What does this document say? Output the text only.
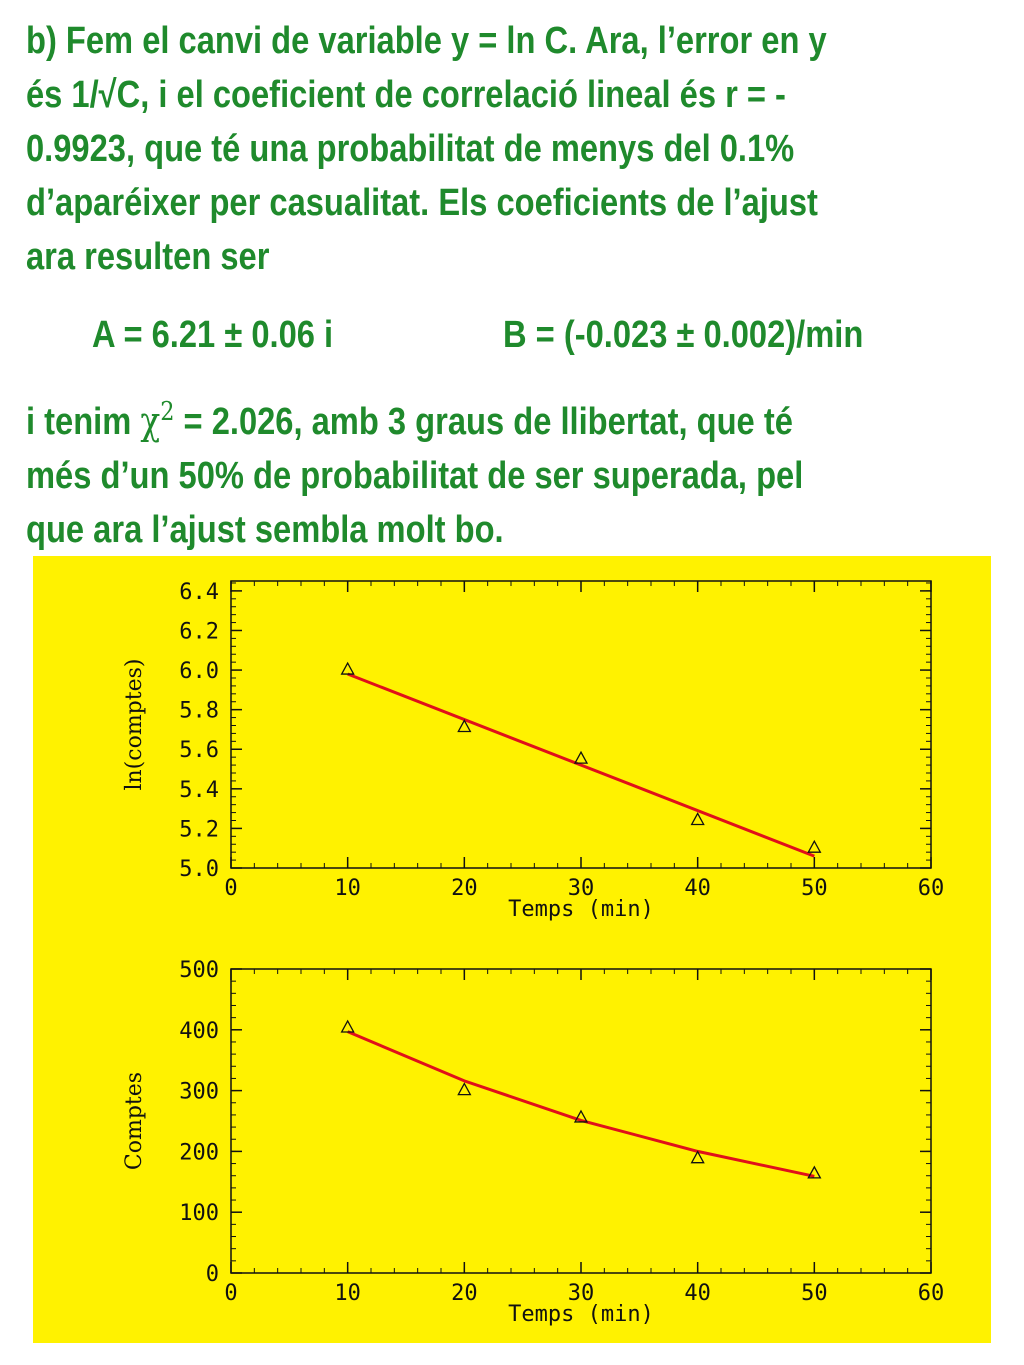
b) Fem el canvi de variable y = ln C. Ara, l’error en y
és 1/√C, i el coeficient de correlació lineal és r = -
0.9923, que té una probabilitat de menys del 0.1%
d’aparéixer per casualitat. Els coeficients de l’ajust
ara resulten ser
A = 6.21 ± 0.06 i	B = (-0.023 ± 0.002)/min
i tenim $\chi^2 = 2.026$, amb 3 graus de llibertat, que té
més d’un 50% de probabilitat de ser superada, pel
que ara l’ajust sembla molt bo.
0	10	20	30	40	50	60
5.0
5.2
5.4
5.6
5.8
6.0
6.2
6.4
Temps (min)
ln(comptes)
0	10	20	30	40	50	60
0
100
200
300
400
500
Temps (min)
Comptes
